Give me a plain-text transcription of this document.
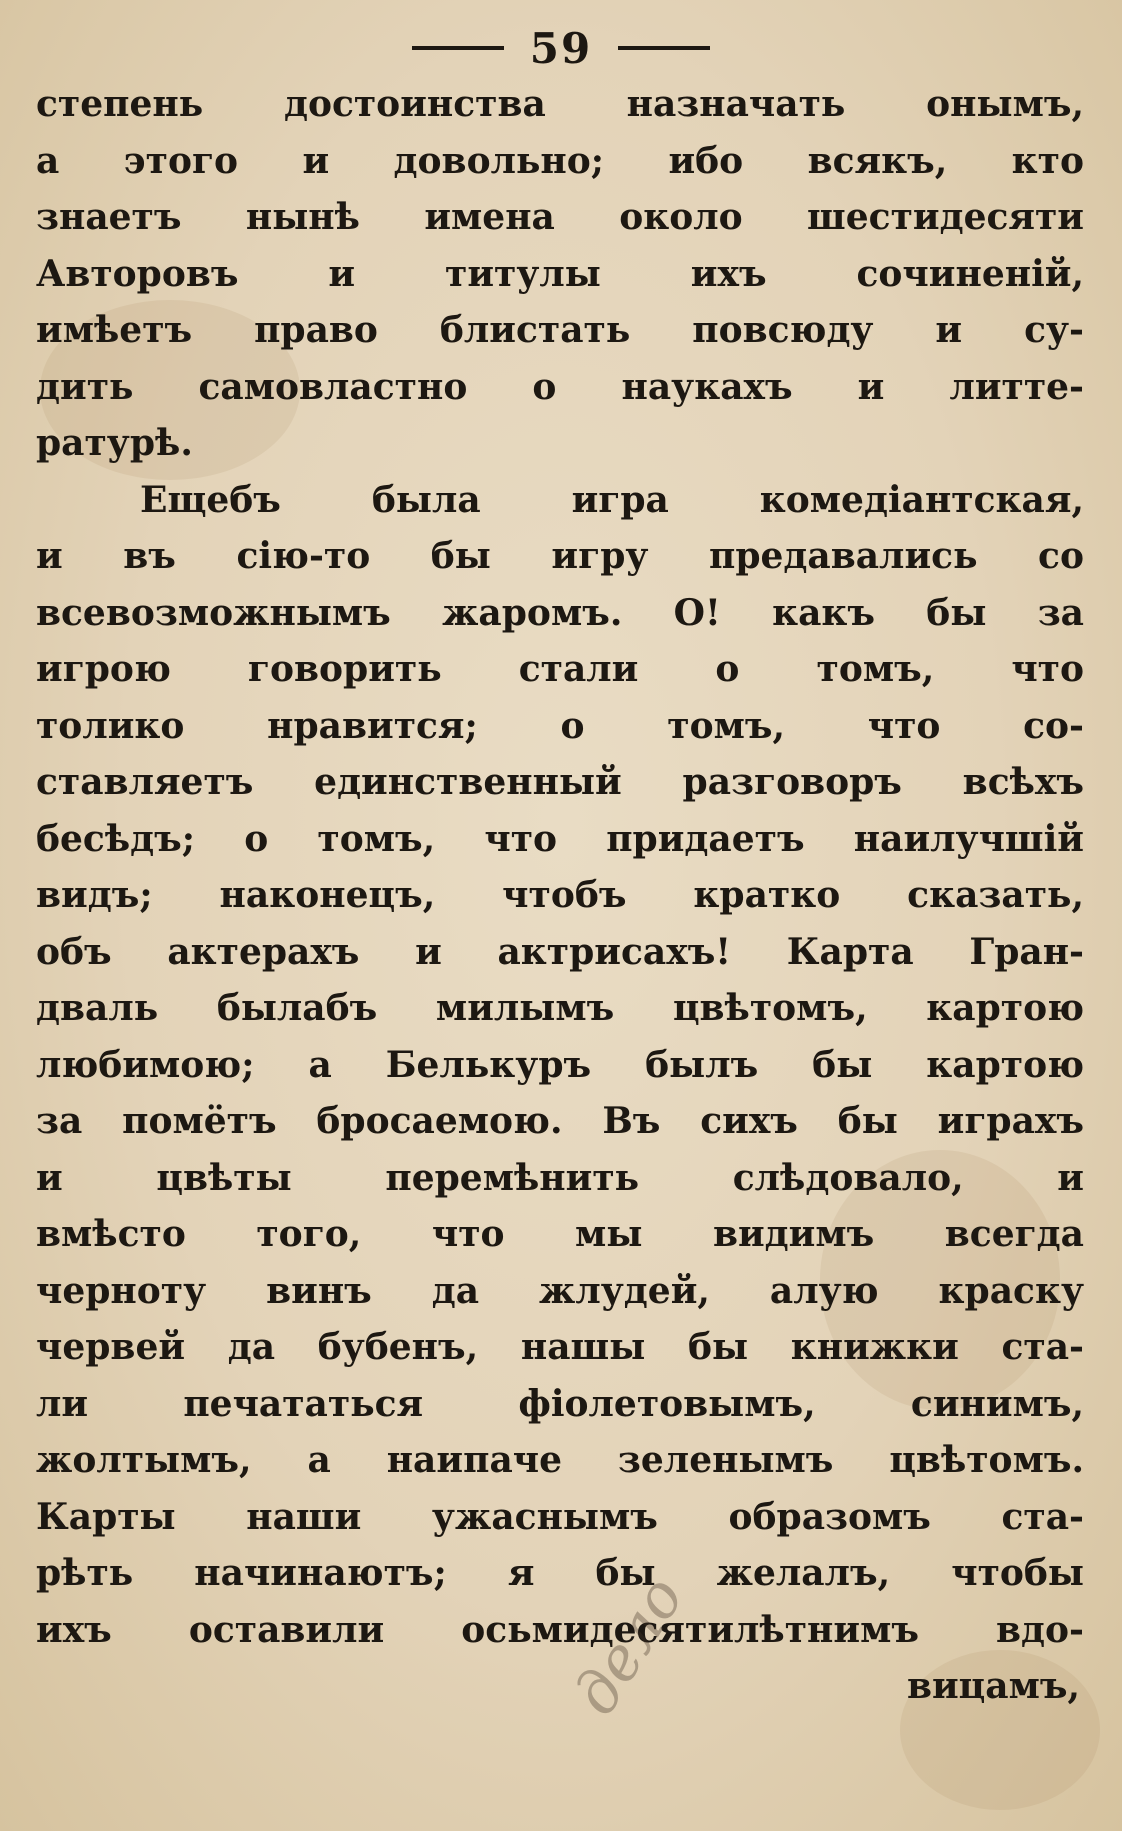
59
степень достоинства назначать онымъ,
а этого и довольно; ибо всякъ, кто
знаетъ нынѣ имена около шестидесяти
Авторовъ и титулы ихъ сочиненій,
имѣетъ право блистать повсюду и су-
дить самовластно о наукахъ и литте-
ратурѣ.
Ещебъ была игра комедіантская,
и въ сію-то бы игру предавались со
всевозможнымъ жаромъ. О! какъ бы за
игрою говорить стали о томъ, что
толико нравится; о томъ, что со-
ставляетъ единственный разговоръ всѣхъ
бесѣдъ; о томъ, что придаетъ наилучшій
видъ; наконецъ, чтобъ кратко сказать,
объ актерахъ и актрисахъ! Карта Гран-
дваль былабъ милымъ цвѣтомъ, картою
любимою; а Белькуръ былъ бы картою
за помётъ бросаемою. Въ сихъ бы играхъ
и цвѣты перемѣнить слѣдовало, и
вмѣсто того, что мы видимъ всегда
черноту винъ да жлудей, алую краску
червей да бубенъ, нашы бы книжки ста-
ли печататься фіолетовымъ, синимъ,
жолтымъ, а наипаче зеленымъ цвѣтомъ.
Карты наши ужаснымъ образомъ ста-
рѣть начинаютъ; я бы желалъ, чтобы
ихъ оставили осьмидесятилѣтнимъ вдо-
вицамъ,
дело
